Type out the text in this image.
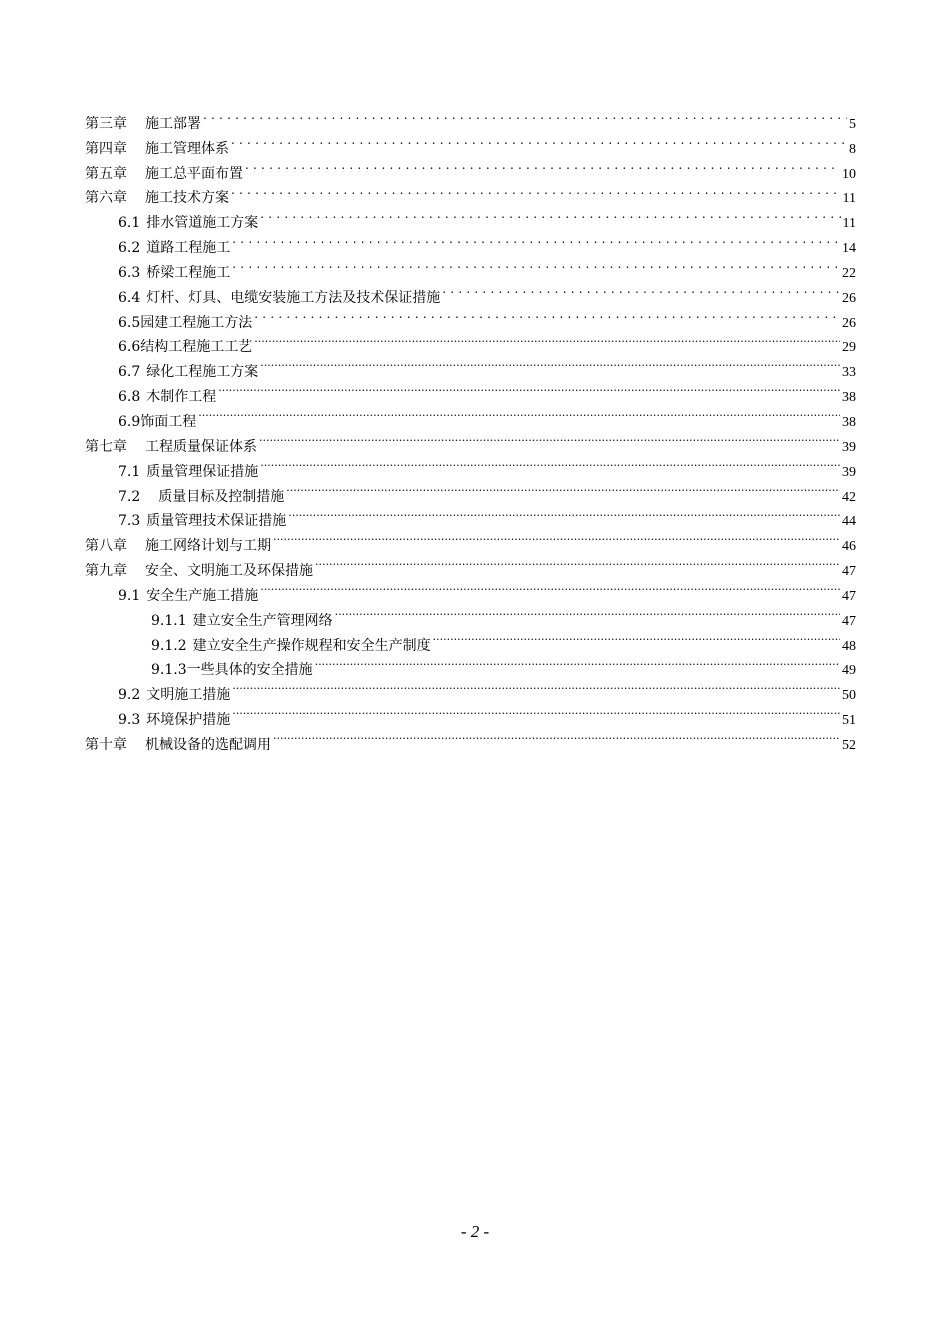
第三章 施工部署 . . .	5
第四章 施工管理体系 . . .	8
第五章 施工总平面布置 . . .	10
第六章 施工技术方案 . . .	11
6.1 排水管道施工方案 . . .	11
6.2 道路工程施工 . . .	14
6.3 桥梁工程施工 . . .	22
6.4 灯杆、灯具、电缆安装施工方法及技术保证措施 . . .	26
6.5园建工程施工方法 . . .	26
6.6结构工程施工工艺 .....	29
6.7 绿化工程施工方案 .....	33
6.8 木制作工程 .....	38
6.9饰面工程 .....	38
第七章 工程质量保证体系 .....	39
7.1 质量管理保证措施 .....	39
7.2 质量目标及控制措施 .....	42
7.3 质量管理技术保证措施 .....	44
第八章 施工网络计划与工期 .....	46
第九章 安全、文明施工及环保措施 .....	47
9.1 安全生产施工措施 .....	47
9.1.1 建立安全生产管理网络 .....	47
9.1.2 建立安全生产操作规程和安全生产制度 .....	48
9.1.3一些具体的安全措施 .....	49
9.2 文明施工措施 .....	50
9.3 环境保护措施 .....	51
第十章 机械设备的选配调用 .....	52
- 2 -
